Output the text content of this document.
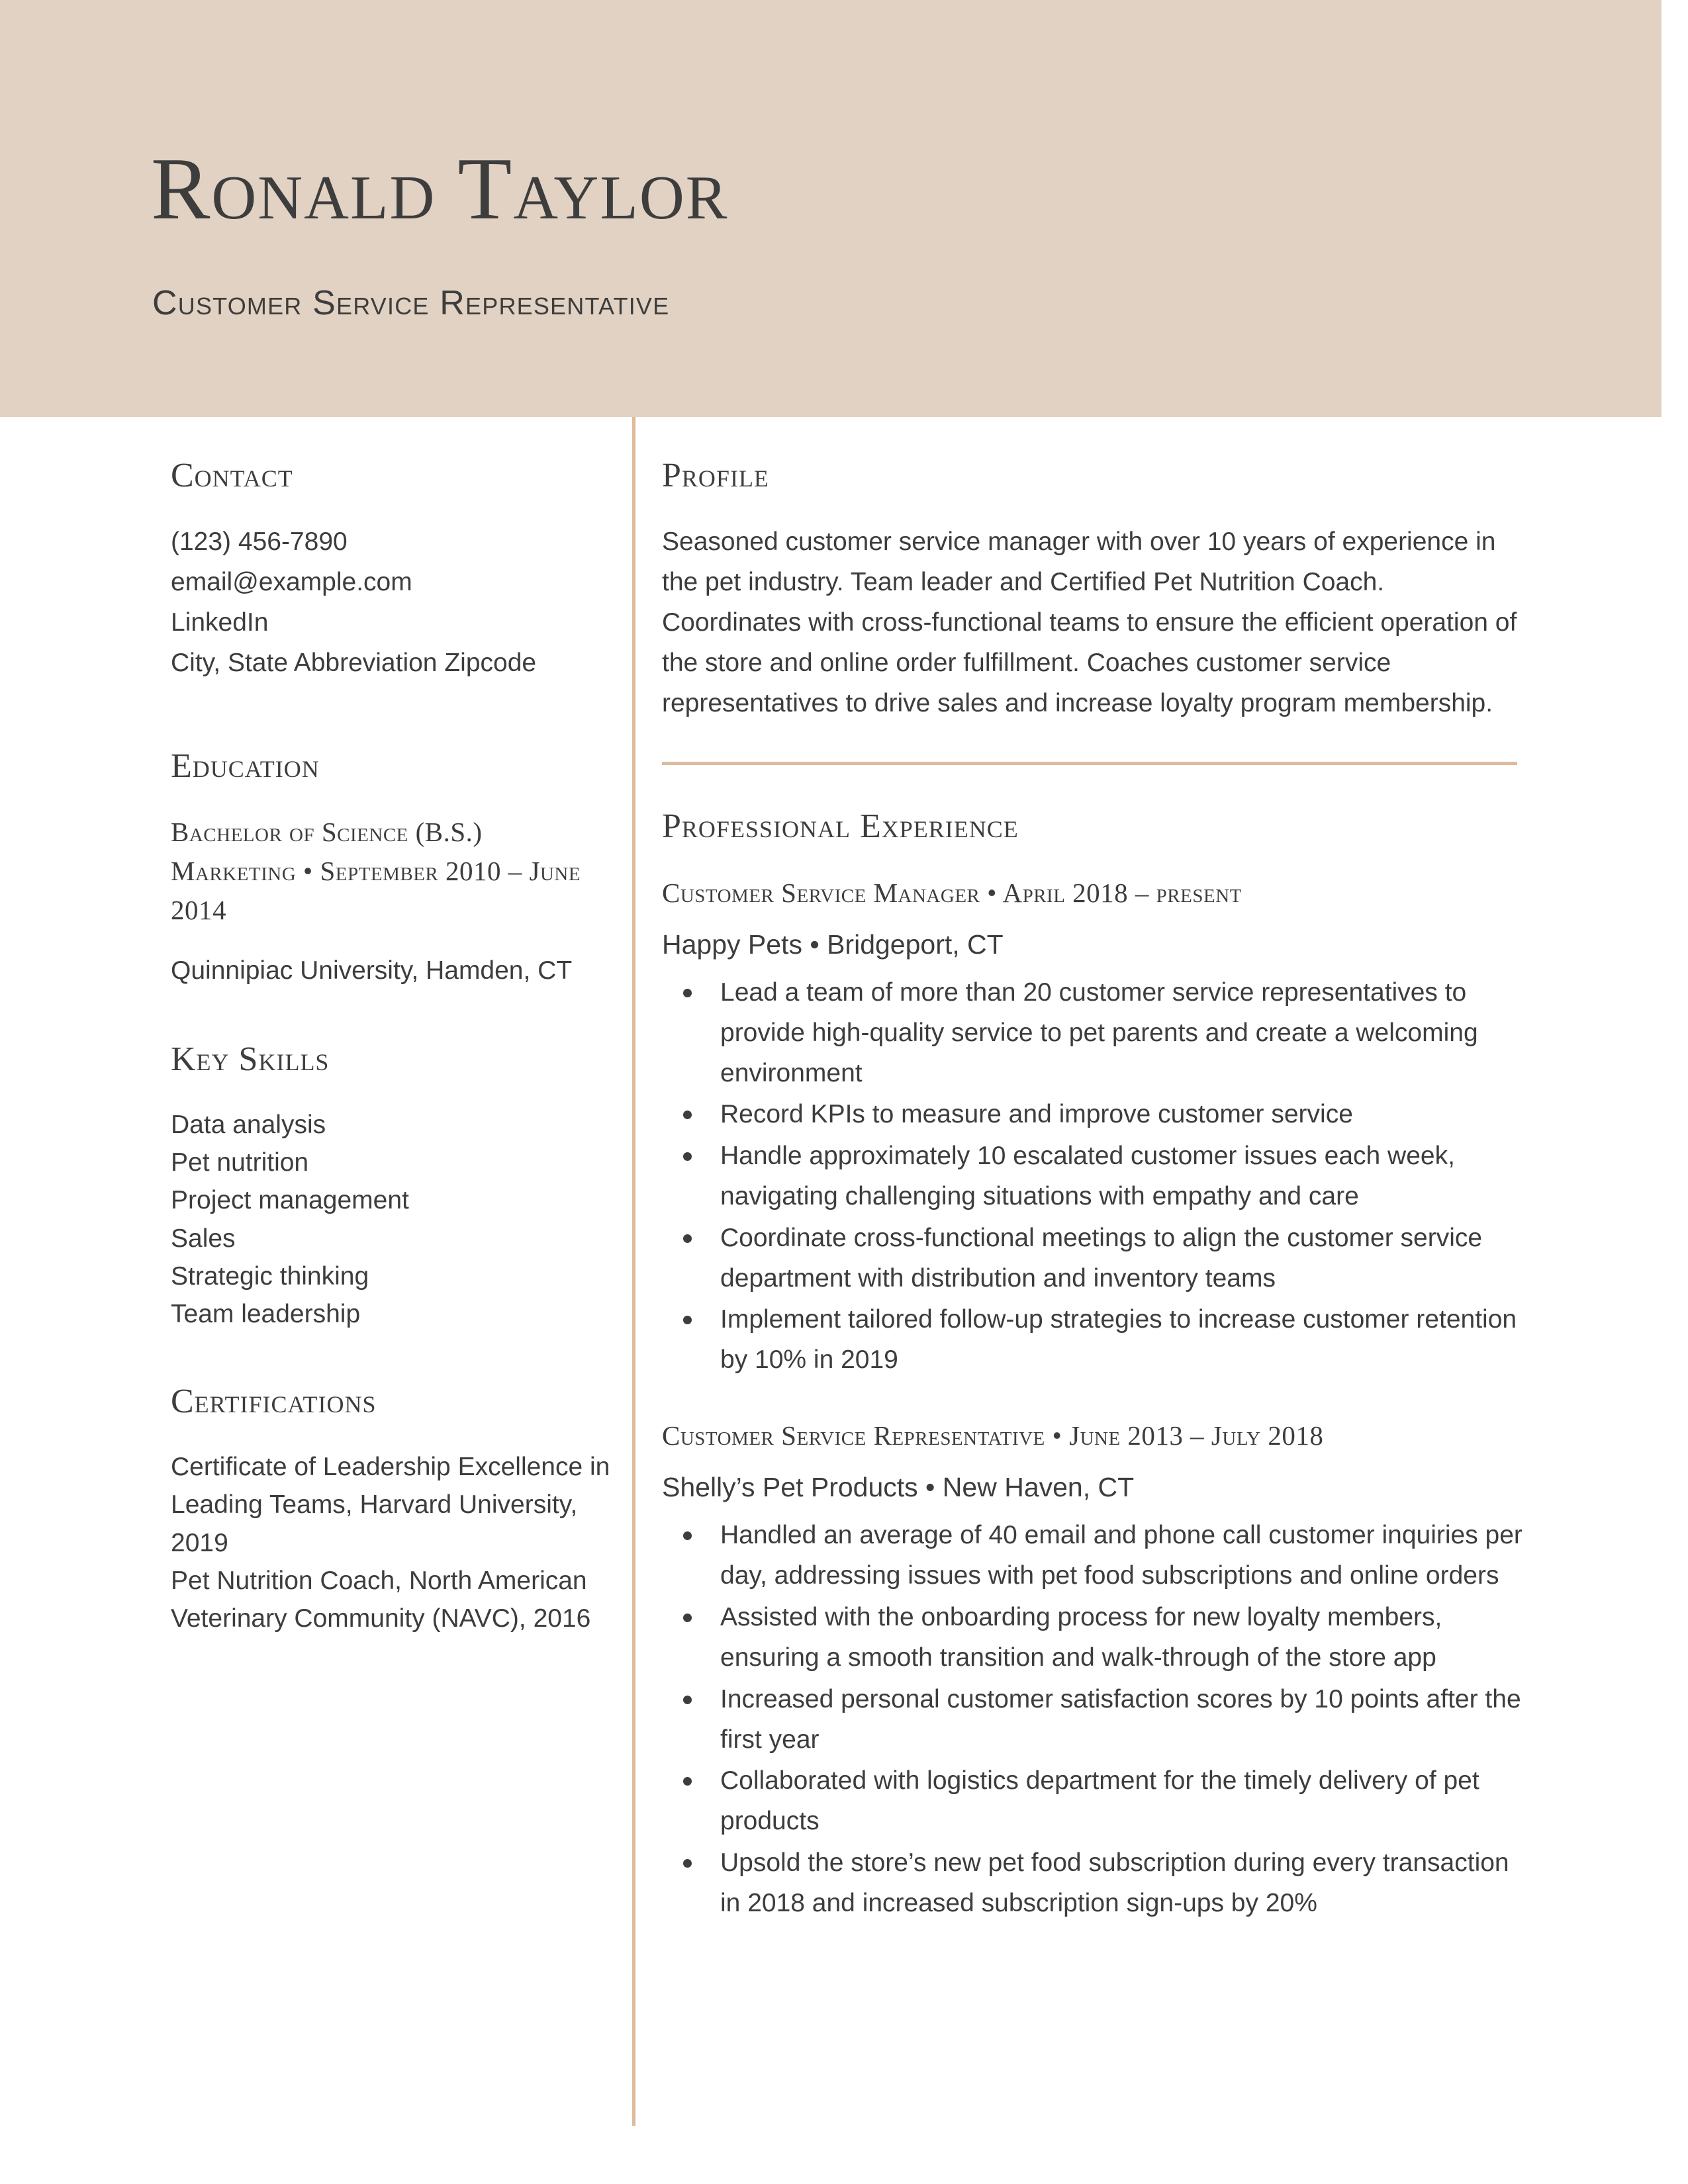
Ronald Taylor
Customer Service Representative
Contact
(123) 456-7890
email@example.com
LinkedIn
City, State Abbreviation Zipcode
Education

Bachelor of Science (B.S.)

Marketing • September 2010 – June 2014

Quinnipiac University, Hamden, CT

Key Skills
Data analysis
Pet nutrition
Project management
Sales
Strategic thinking
Team leadership
Certifications
Certificate of Leadership Excellence in Leading Teams, Harvard University, 2019
Pet Nutrition Coach, North American Veterinary Community (NAVC), 2016
Profile

Seasoned customer service manager with over 10 years of experience in the pet industry. Team leader and Certified Pet Nutrition Coach. Coordinates with cross-functional teams to ensure the efficient operation of the store and online order fulfillment. Coaches customer service representatives to drive sales and increase loyalty program membership.

Professional Experience

Customer Service Manager • April 2018 – present

Happy Pets • Bridgeport, CT

Lead a team of more than 20 customer service representatives to provide high-quality service to pet parents and create a welcoming environment
Record KPIs to measure and improve customer service
Handle approximately 10 escalated customer issues each week, navigating challenging situations with empathy and care
Coordinate cross-functional meetings to align the customer service department with distribution and inventory teams
Implement tailored follow-up strategies to increase customer retention by 10% in 2019

Customer Service Representative • June 2013 – July 2018

Shelly’s Pet Products • New Haven, CT

Handled an average of 40 email and phone call customer inquiries per day, addressing issues with pet food subscriptions and online orders
Assisted with the onboarding process for new loyalty members, ensuring a smooth transition and walk-through of the store app
Increased personal customer satisfaction scores by 10 points after the first year
Collaborated with logistics department for the timely delivery of pet products
Upsold the store’s new pet food subscription during every transaction in 2018 and increased subscription sign-ups by 20%
